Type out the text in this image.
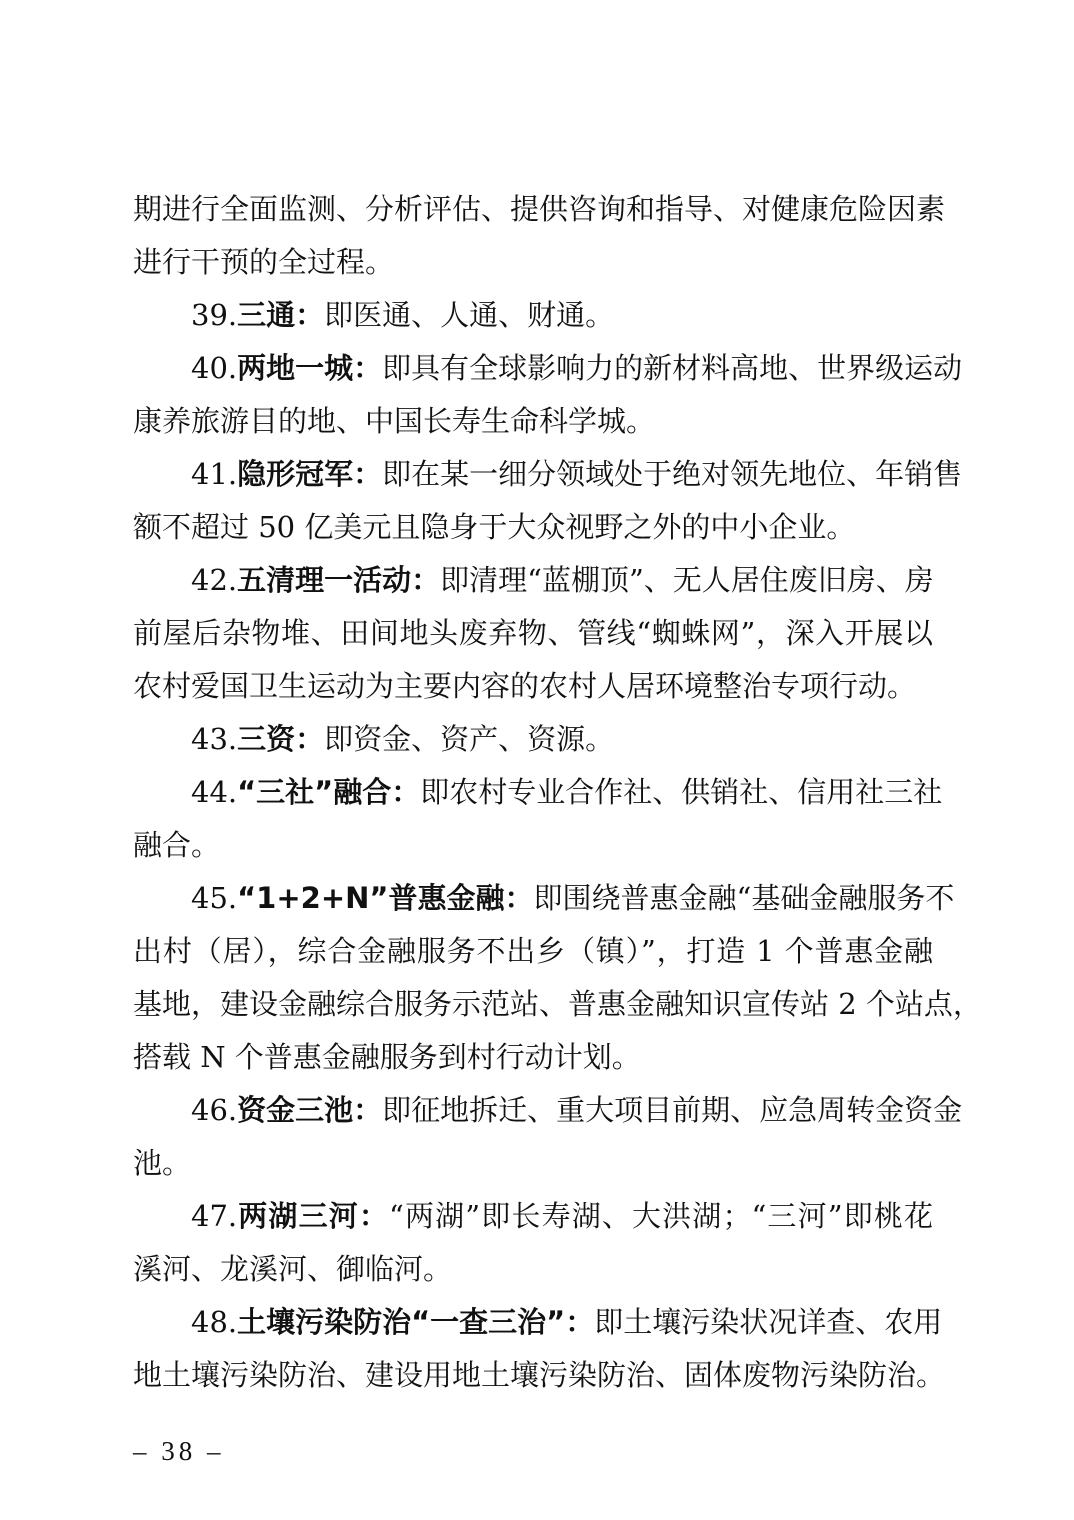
期进行全面监测、分析评估、提供咨询和指导、对健康危险因素
进行干预的全过程。
39.三通：即医通、人通、财通。
40.两地一城：即具有全球影响力的新材料高地、世界级运动
康养旅游目的地、中国长寿生命科学城。
41.隐形冠军：即在某一细分领域处于绝对领先地位、年销售
额不超过 50 亿美元且隐身于大众视野之外的中小企业。
42.五清理一活动：即清理“蓝棚顶”、无人居住废旧房、房
前屋后杂物堆、田间地头废弃物、管线“蜘蛛网”，深入开展以
农村爱国卫生运动为主要内容的农村人居环境整治专项行动。
43.三资：即资金、资产、资源。
44.“三社”融合：即农村专业合作社、供销社、信用社三社
融合。
45.“1+2+N”普惠金融：即围绕普惠金融“基础金融服务不
出村（居），综合金融服务不出乡（镇）”，打造 1 个普惠金融
基地，建设金融综合服务示范站、普惠金融知识宣传站 2 个站点，
搭载 N 个普惠金融服务到村行动计划。
46.资金三池：即征地拆迁、重大项目前期、应急周转金资金
池。
47.两湖三河：“两湖”即长寿湖、大洪湖；“三河”即桃花
溪河、龙溪河、御临河。
48.土壤污染防治“一查三治”：即土壤污染状况详查、农用
地土壤污染防治、建设用地土壤污染防治、固体废物污染防治。
– 38 –
